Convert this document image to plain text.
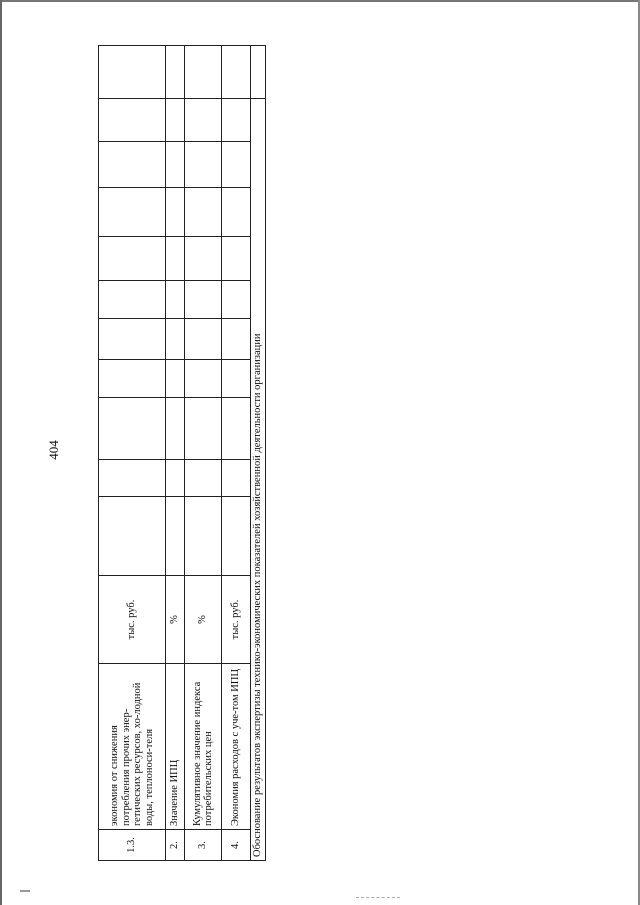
404
1.3.	экономия от снижения потребления прочих энер-гетических ресурсов, хо-лодной воды, теплоноси-теля	тыс. руб.											
2.	Значение ИПЦ	%											
3.	Кумулятивное значение индекса потребительских цен	%											
4.	Экономия расходов с уче-том ИПЦ	тыс. руб.											
Обоснование результатов экспертизы технико-экономических показателей хозяйственной деятельности организации													
